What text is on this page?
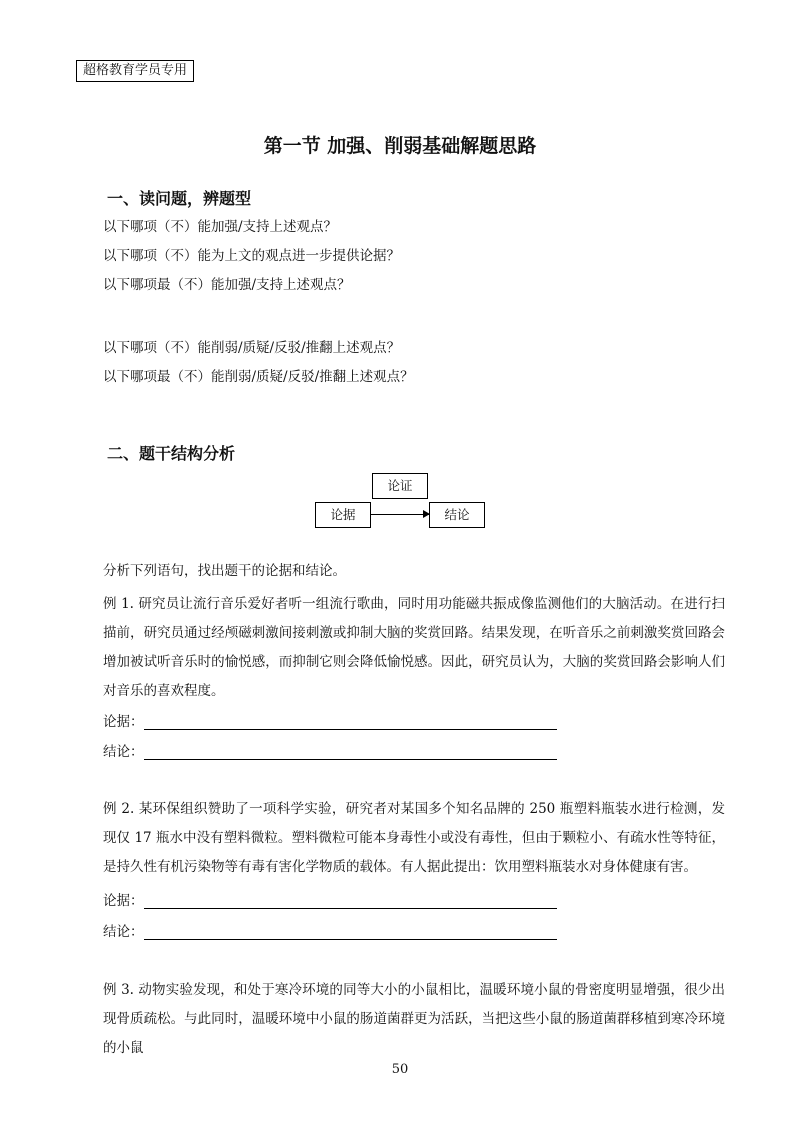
超格教育学员专用
第一节 加强、削弱基础解题思路
一、读问题，辨题型
以下哪项（不）能加强/支持上述观点？
以下哪项（不）能为上文的观点进一步提供论据？
以下哪项最（不）能加强/支持上述观点？
以下哪项（不）能削弱/质疑/反驳/推翻上述观点？
以下哪项最（不）能削弱/质疑/反驳/推翻上述观点？
二、题干结构分析
论证
论据	结论
分析下列语句，找出题干的论据和结论。
例 1. 研究员让流行音乐爱好者听一组流行歌曲，同时用功能磁共振成像监测他们的大脑活动。在进行扫描前，研究员通过经颅磁刺激间接刺激或抑制大脑的奖赏回路。结果发现，在听音乐之前刺激奖赏回路会增加被试听音乐时的愉悦感，而抑制它则会降低愉悦感。因此，研究员认为，大脑的奖赏回路会影响人们对音乐的喜欢程度。
论据：
结论：
例 2. 某环保组织赞助了一项科学实验，研究者对某国多个知名品牌的 250 瓶塑料瓶装水进行检测，发现仅 17 瓶水中没有塑料微粒。塑料微粒可能本身毒性小或没有毒性，但由于颗粒小、有疏水性等特征，是持久性有机污染物等有毒有害化学物质的载体。有人据此提出：饮用塑料瓶装水对身体健康有害。
论据：
结论：
例 3. 动物实验发现，和处于寒冷环境的同等大小的小鼠相比，温暖环境小鼠的骨密度明显增强，很少出现骨质疏松。与此同时，温暖环境中小鼠的肠道菌群更为活跃，当把这些小鼠的肠道菌群移植到寒冷环境的小鼠
50
